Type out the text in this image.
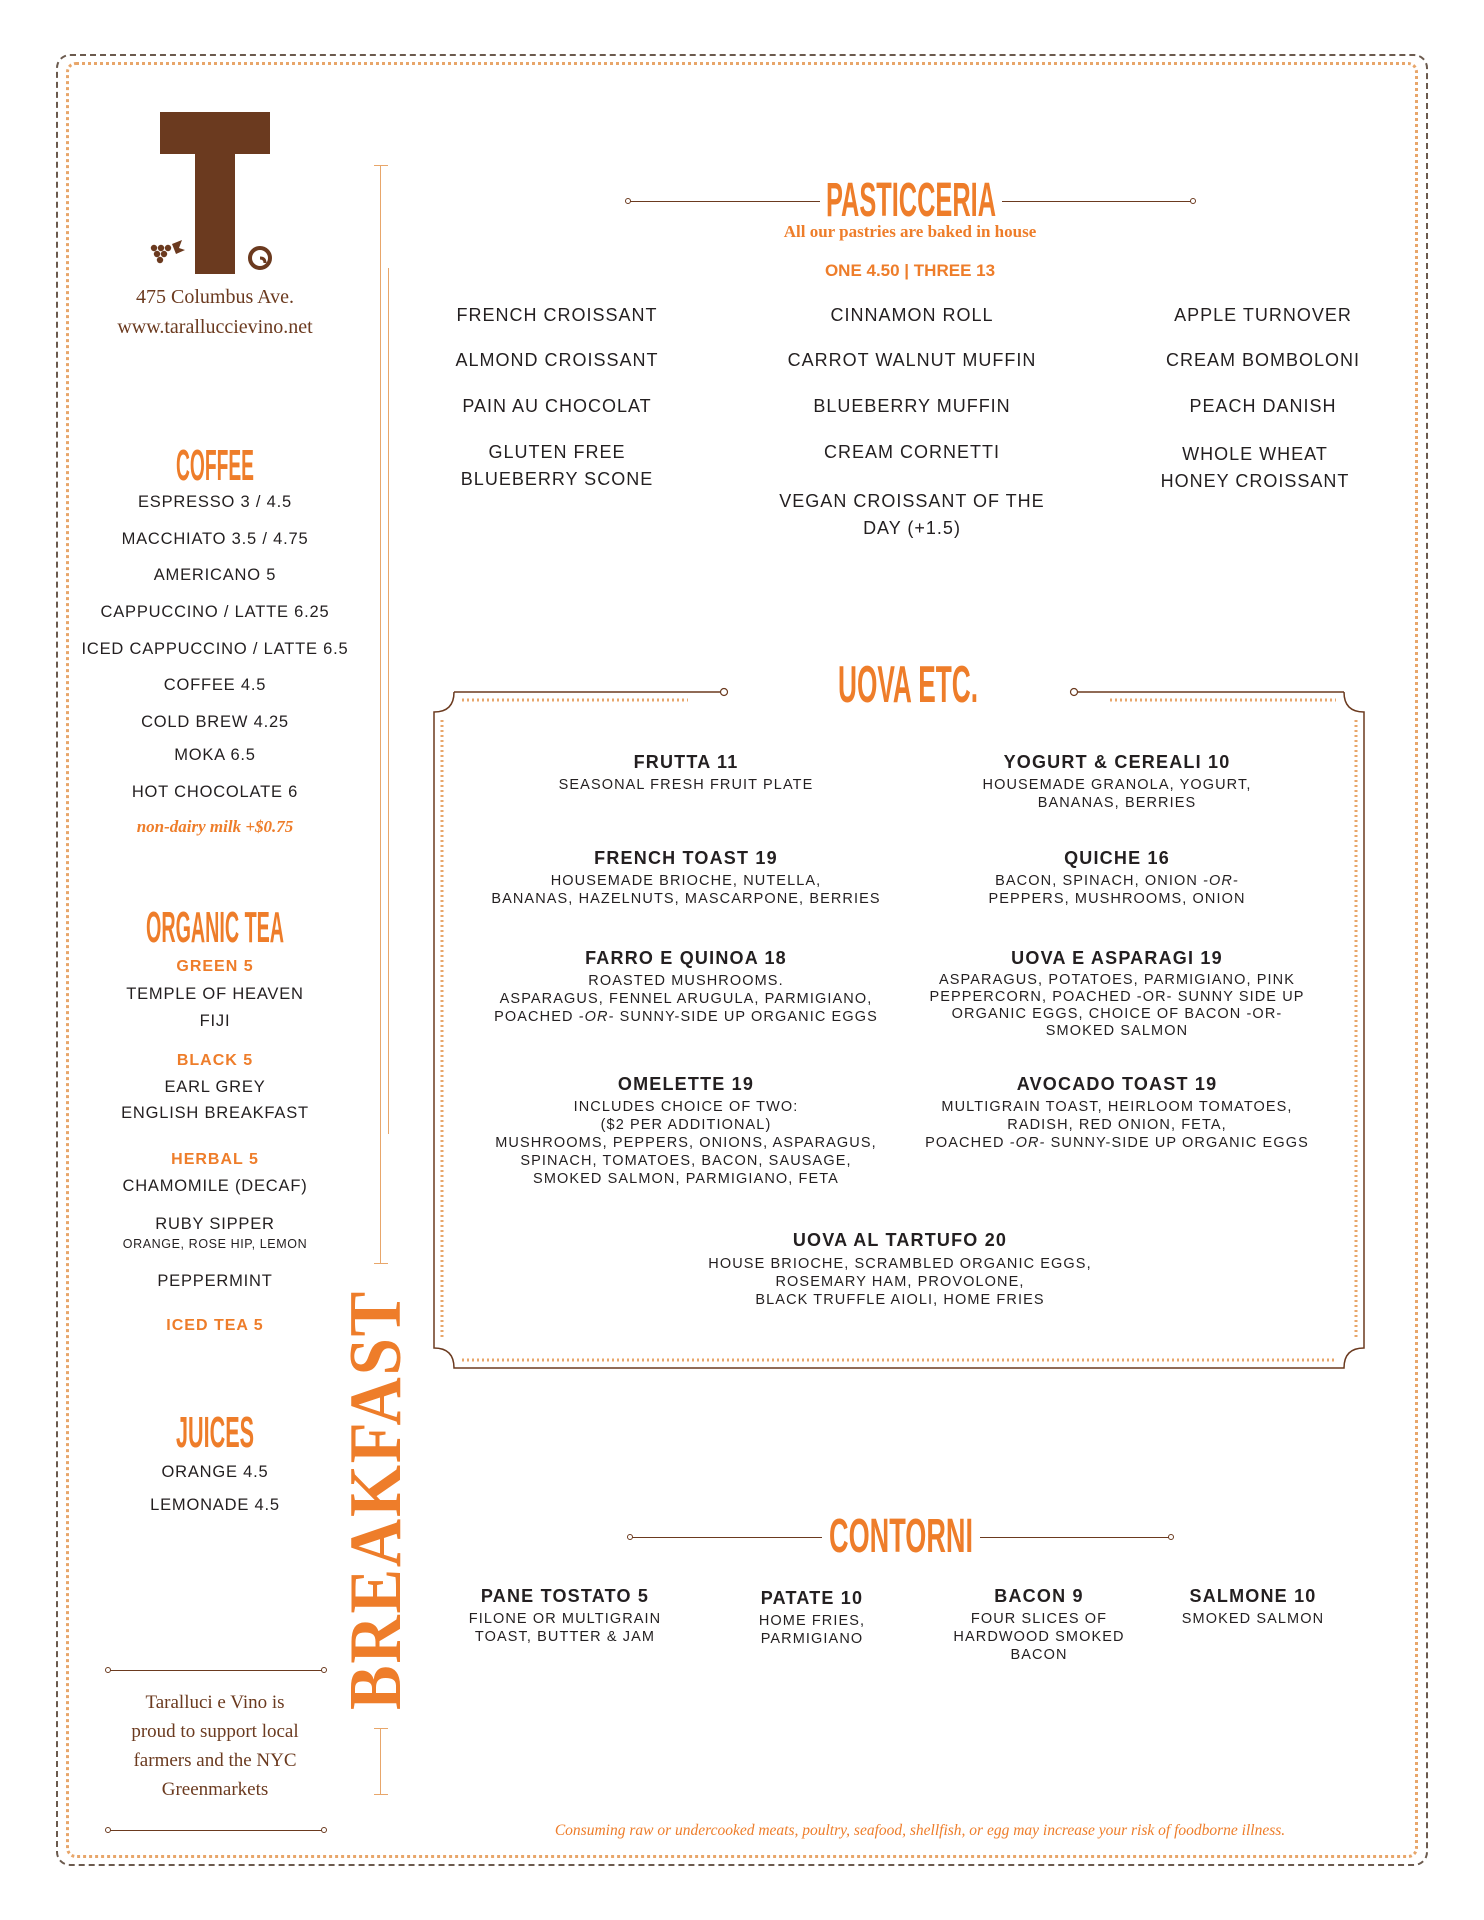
475 Columbus Ave.
www.taralluccievino.net
BREAKFAST
COFFEE
ESPRESSO 3 / 4.5
MACCHIATO 3.5 / 4.75
AMERICANO 5
CAPPUCCINO / LATTE 6.25
ICED CAPPUCCINO / LATTE 6.5
COFFEE 4.5
COLD BREW 4.25
MOKA 6.5
HOT CHOCOLATE 6
non-dairy milk +$0.75
ORGANIC TEA
GREEN 5
TEMPLE OF HEAVEN
FIJI
BLACK 5
EARL GREY
ENGLISH BREAKFAST
HERBAL 5
CHAMOMILE (DECAF)
RUBY SIPPER
ORANGE, ROSE HIP, LEMON
PEPPERMINT
ICED TEA 5
JUICES
ORANGE 4.5
LEMONADE 4.5
Taralluci e Vino is
proud to support local
farmers and the NYC
Greenmarkets
PASTICCERIA
All our pastries are baked in house
ONE 4.50 | THREE 13
FRENCH CROISSANT
ALMOND CROISSANT
PAIN AU CHOCOLAT
GLUTEN FREE
BLUEBERRY SCONE
CINNAMON ROLL
CARROT WALNUT MUFFIN
BLUEBERRY MUFFIN
CREAM CORNETTI
VEGAN CROISSANT OF THE
DAY (+1.5)
APPLE TURNOVER
CREAM BOMBOLONI
PEACH DANISH
WHOLE WHEAT
HONEY CROISSANT
UOVA ETC.
FRUTTA 11
SEASONAL FRESH FRUIT PLATE
FRENCH TOAST 19
HOUSEMADE BRIOCHE, NUTELLA,
BANANAS, HAZELNUTS, MASCARPONE, BERRIES
FARRO E QUINOA 18
ROASTED MUSHROOMS.
ASPARAGUS, FENNEL ARUGULA, PARMIGIANO,
POACHED -OR- SUNNY-SIDE UP ORGANIC EGGS
OMELETTE 19
INCLUDES CHOICE OF TWO:
($2 PER ADDITIONAL)
MUSHROOMS, PEPPERS, ONIONS, ASPARAGUS,
SPINACH, TOMATOES, BACON, SAUSAGE,
SMOKED SALMON, PARMIGIANO, FETA
YOGURT & CEREALI 10
HOUSEMADE GRANOLA, YOGURT,
BANANAS, BERRIES
QUICHE 16
BACON, SPINACH, ONION -OR-
PEPPERS, MUSHROOMS, ONION
UOVA E ASPARAGI 19
ASPARAGUS, POTATOES, PARMIGIANO, PINK
PEPPERCORN, POACHED -OR- SUNNY SIDE UP
ORGANIC EGGS, CHOICE OF BACON -OR-
SMOKED SALMON
AVOCADO TOAST 19
MULTIGRAIN TOAST, HEIRLOOM TOMATOES,
RADISH, RED ONION, FETA,
POACHED -OR- SUNNY-SIDE UP ORGANIC EGGS
UOVA AL TARTUFO 20
HOUSE BRIOCHE, SCRAMBLED ORGANIC EGGS,
ROSEMARY HAM, PROVOLONE,
BLACK TRUFFLE AIOLI, HOME FRIES
CONTORNI
PANE TOSTATO 5
FILONE OR MULTIGRAIN
TOAST, BUTTER & JAM
PATATE 10
HOME FRIES,
PARMIGIANO
BACON 9
FOUR SLICES OF
HARDWOOD SMOKED
BACON
SALMONE 10
SMOKED SALMON
Consuming raw or undercooked meats, poultry, seafood, shellfish, or egg may increase your risk of foodborne illness.
